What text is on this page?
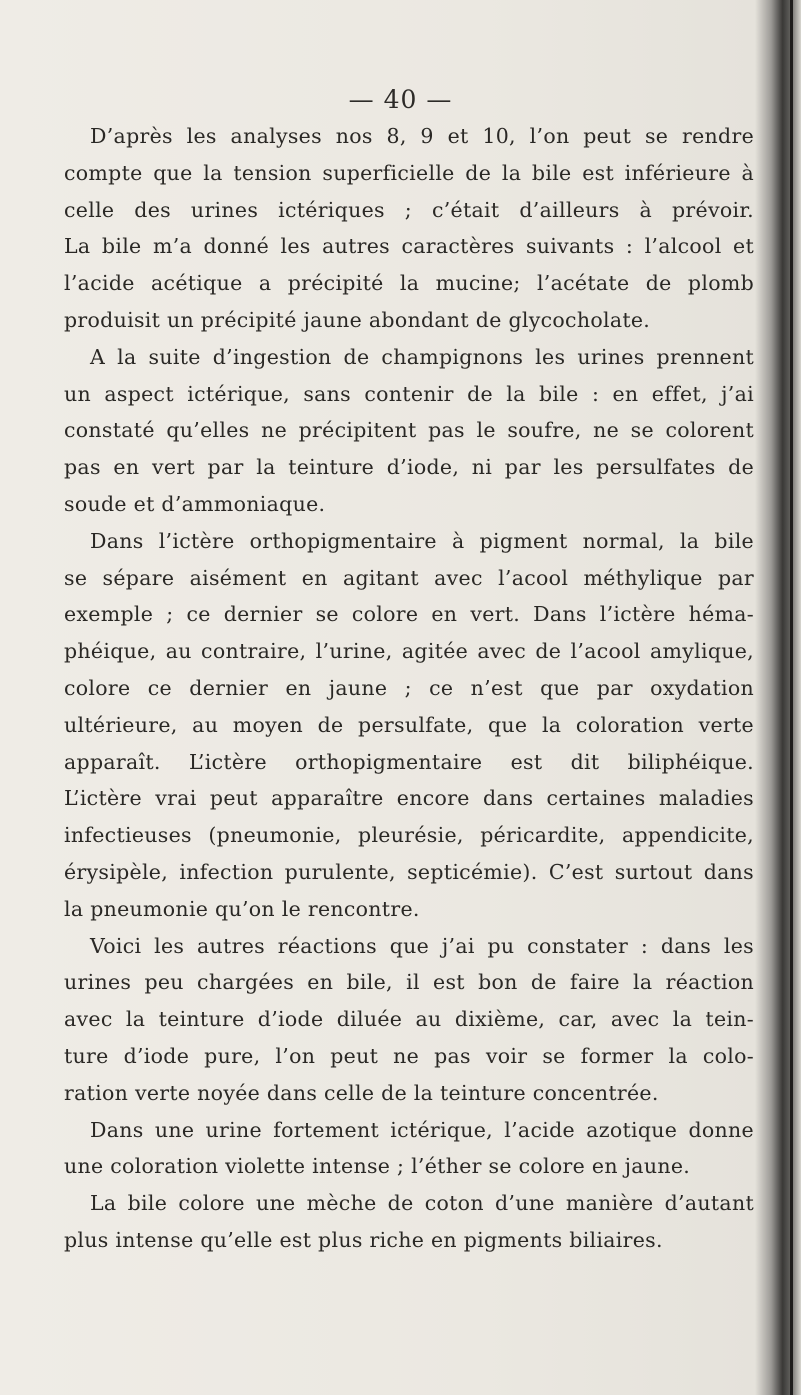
— 40 —
D’après les analyses nos 8, 9 et 10, l’on peut se rendre
compte que la tension superficielle de la bile est inférieure à
celle des urines ictériques ; c’était d’ailleurs à prévoir.
La bile m’a donné les autres caractères suivants : l’alcool et
l’acide acétique a précipité la mucine; l’acétate de plomb
produisit un précipité jaune abondant de glycocholate.
A la suite d’ingestion de champignons les urines prennent
un aspect ictérique, sans contenir de la bile : en effet, j’ai
constaté qu’elles ne précipitent pas le soufre, ne se colorent
pas en vert par la teinture d’iode, ni par les persulfates de
soude et d’ammoniaque.
Dans l’ictère orthopigmentaire à pigment normal, la bile
se sépare aisément en agitant avec l’acool méthylique par
exemple ; ce dernier se colore en vert. Dans l’ictère héma-
phéique, au contraire, l’urine, agitée avec de l’acool amylique,
colore ce dernier en jaune ; ce n’est que par oxydation
ultérieure, au moyen de persulfate, que la coloration verte
apparaît. L’ictère orthopigmentaire est dit biliphéique.
L’ictère vrai peut apparaître encore dans certaines maladies
infectieuses (pneumonie, pleurésie, péricardite, appendicite,
érysipèle, infection purulente, septicémie). C’est surtout dans
la pneumonie qu’on le rencontre.
Voici les autres réactions que j’ai pu constater : dans les
urines peu chargées en bile, il est bon de faire la réaction
avec la teinture d’iode diluée au dixième, car, avec la tein-
ture d’iode pure, l’on peut ne pas voir se former la colo-
ration verte noyée dans celle de la teinture concentrée.
Dans une urine fortement ictérique, l’acide azotique donne
une coloration violette intense ; l’éther se colore en jaune.
La bile colore une mèche de coton d’une manière d’autant
plus intense qu’elle est plus riche en pigments biliaires.
